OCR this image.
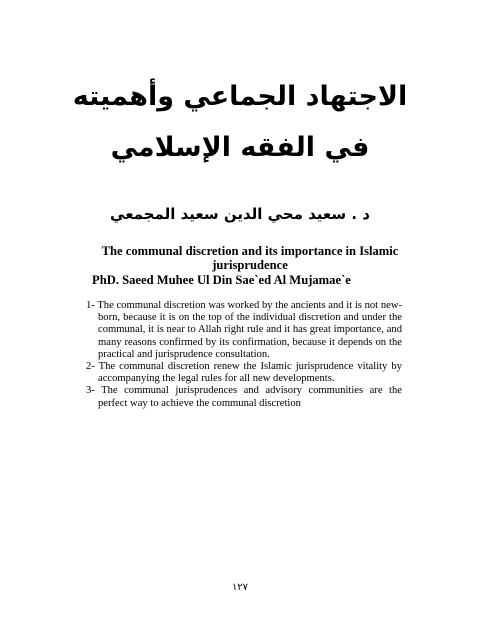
الاجتهاد الجماعي وأهميته
في الفقه الإسلامي

د . سعيد محي الدين سعيد المجمعي

The communal discretion and its importance in Islamic jurisprudence

PhD. Saeed Muhee Ul Din Sae`ed Al Mujamae`e

1- The communal discretion was worked by the ancients and it is not new-born, because it is on the top of the individual discretion and under the communal, it is near to Allah right rule and it has great importance, and many reasons confirmed by its confirmation, because it depends on the practical and jurisprudence consultation.
2- The communal discretion renew the Islamic jurisprudence vitality by accompanying the legal rules for all new developments.
3- The communal jurisprudences and advisory communities are the perfect way to achieve the communal discretion

١٢٧
